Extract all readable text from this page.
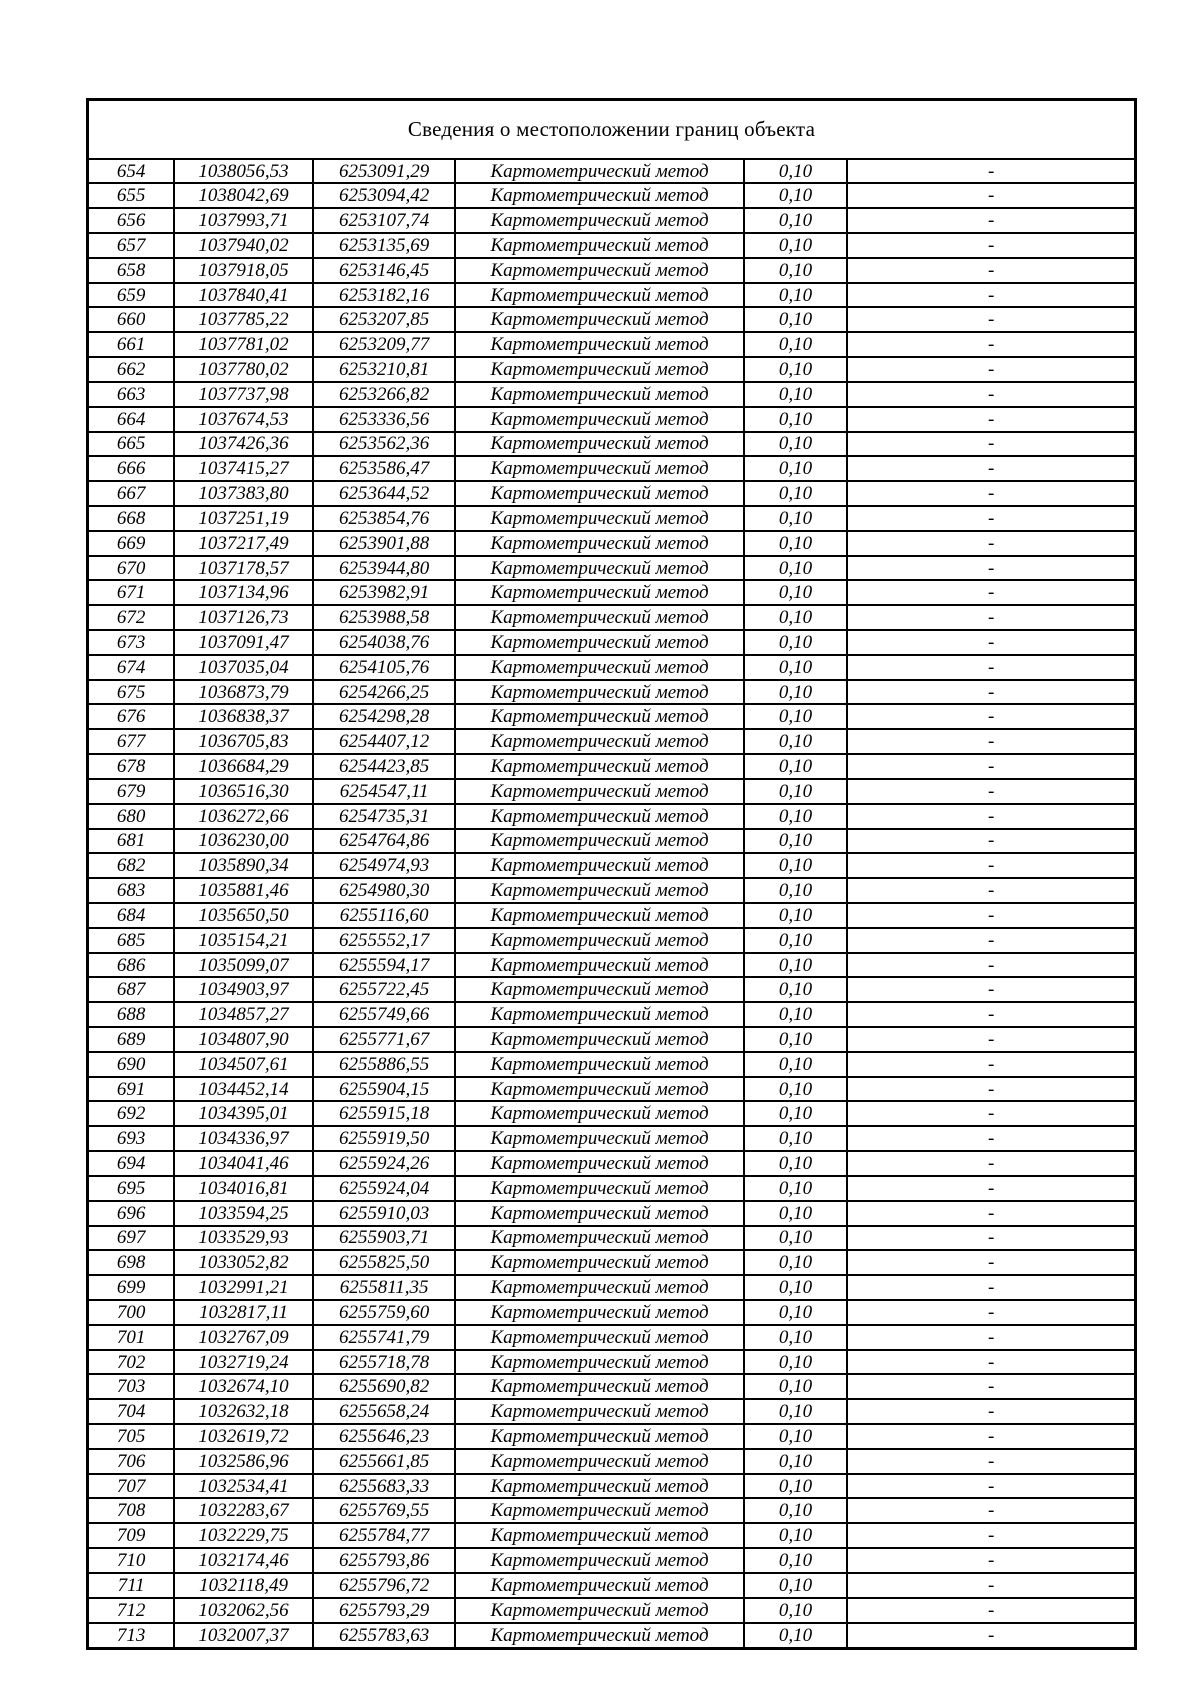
Сведения о местоположении границ объекта					
654	1038056,53	6253091,29	Картометрический метод	0,10	-
655	1038042,69	6253094,42	Картометрический метод	0,10	-
656	1037993,71	6253107,74	Картометрический метод	0,10	-
657	1037940,02	6253135,69	Картометрический метод	0,10	-
658	1037918,05	6253146,45	Картометрический метод	0,10	-
659	1037840,41	6253182,16	Картометрический метод	0,10	-
660	1037785,22	6253207,85	Картометрический метод	0,10	-
661	1037781,02	6253209,77	Картометрический метод	0,10	-
662	1037780,02	6253210,81	Картометрический метод	0,10	-
663	1037737,98	6253266,82	Картометрический метод	0,10	-
664	1037674,53	6253336,56	Картометрический метод	0,10	-
665	1037426,36	6253562,36	Картометрический метод	0,10	-
666	1037415,27	6253586,47	Картометрический метод	0,10	-
667	1037383,80	6253644,52	Картометрический метод	0,10	-
668	1037251,19	6253854,76	Картометрический метод	0,10	-
669	1037217,49	6253901,88	Картометрический метод	0,10	-
670	1037178,57	6253944,80	Картометрический метод	0,10	-
671	1037134,96	6253982,91	Картометрический метод	0,10	-
672	1037126,73	6253988,58	Картометрический метод	0,10	-
673	1037091,47	6254038,76	Картометрический метод	0,10	-
674	1037035,04	6254105,76	Картометрический метод	0,10	-
675	1036873,79	6254266,25	Картометрический метод	0,10	-
676	1036838,37	6254298,28	Картометрический метод	0,10	-
677	1036705,83	6254407,12	Картометрический метод	0,10	-
678	1036684,29	6254423,85	Картометрический метод	0,10	-
679	1036516,30	6254547,11	Картометрический метод	0,10	-
680	1036272,66	6254735,31	Картометрический метод	0,10	-
681	1036230,00	6254764,86	Картометрический метод	0,10	-
682	1035890,34	6254974,93	Картометрический метод	0,10	-
683	1035881,46	6254980,30	Картометрический метод	0,10	-
684	1035650,50	6255116,60	Картометрический метод	0,10	-
685	1035154,21	6255552,17	Картометрический метод	0,10	-
686	1035099,07	6255594,17	Картометрический метод	0,10	-
687	1034903,97	6255722,45	Картометрический метод	0,10	-
688	1034857,27	6255749,66	Картометрический метод	0,10	-
689	1034807,90	6255771,67	Картометрический метод	0,10	-
690	1034507,61	6255886,55	Картометрический метод	0,10	-
691	1034452,14	6255904,15	Картометрический метод	0,10	-
692	1034395,01	6255915,18	Картометрический метод	0,10	-
693	1034336,97	6255919,50	Картометрический метод	0,10	-
694	1034041,46	6255924,26	Картометрический метод	0,10	-
695	1034016,81	6255924,04	Картометрический метод	0,10	-
696	1033594,25	6255910,03	Картометрический метод	0,10	-
697	1033529,93	6255903,71	Картометрический метод	0,10	-
698	1033052,82	6255825,50	Картометрический метод	0,10	-
699	1032991,21	6255811,35	Картометрический метод	0,10	-
700	1032817,11	6255759,60	Картометрический метод	0,10	-
701	1032767,09	6255741,79	Картометрический метод	0,10	-
702	1032719,24	6255718,78	Картометрический метод	0,10	-
703	1032674,10	6255690,82	Картометрический метод	0,10	-
704	1032632,18	6255658,24	Картометрический метод	0,10	-
705	1032619,72	6255646,23	Картометрический метод	0,10	-
706	1032586,96	6255661,85	Картометрический метод	0,10	-
707	1032534,41	6255683,33	Картометрический метод	0,10	-
708	1032283,67	6255769,55	Картометрический метод	0,10	-
709	1032229,75	6255784,77	Картометрический метод	0,10	-
710	1032174,46	6255793,86	Картометрический метод	0,10	-
711	1032118,49	6255796,72	Картометрический метод	0,10	-
712	1032062,56	6255793,29	Картометрический метод	0,10	-
713	1032007,37	6255783,63	Картометрический метод	0,10	-
